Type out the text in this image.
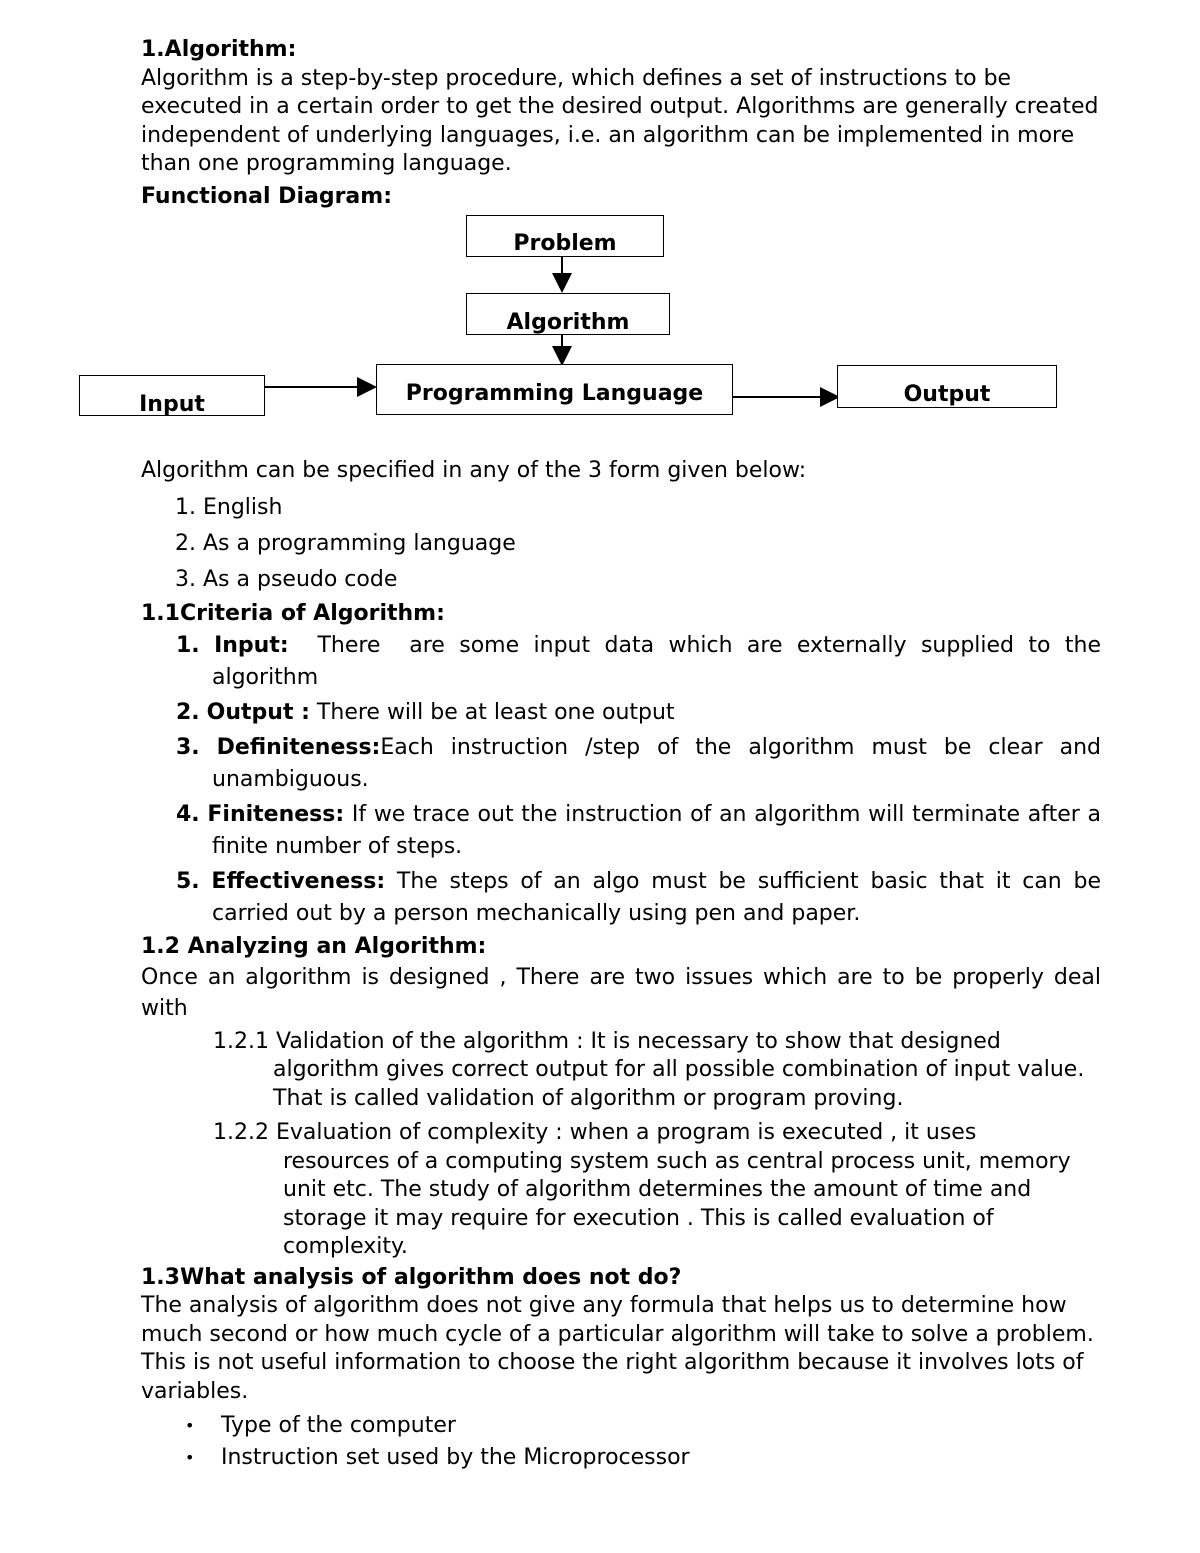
Problem
Algorithm
Input	Programming Language	Output

1.Algorithm:

Algorithm is a step-by-step procedure, which defines a set of instructions to be executed in a certain order to get the desired output. Algorithms are generally created independent of underlying languages, i.e. an algorithm can be implemented in more than one programming language.

Functional Diagram:

Algorithm can be specified in any of the 3 form given below:

1. English
2. As a programming language
3. As a pseudo code

1.1Criteria of Algorithm:

1. Input:  There  are some input data which are externally supplied to the algorithm
2. Output : There will be at least one output
3. Definiteness:Each instruction /step of the algorithm must be clear and unambiguous.
4. Finiteness: If we trace out the instruction of an algorithm will terminate after a finite number of steps.
5. Effectiveness: The steps of an algo must be sufficient basic that it can be carried out by a person mechanically using pen and paper.

1.2 Analyzing an Algorithm:

Once an algorithm is designed , There are two issues which are to be properly deal with

1.2.1 Validation of the algorithm : It is necessary to show that designed
algorithm gives correct output for all possible combination of input value. That is called validation of algorithm or program proving.

1.2.2 Evaluation of complexity : when a program is executed , it uses
resources of a computing system such as central process unit, memory unit etc. The study of algorithm determines the amount of time and storage it may require for execution . This is called evaluation of complexity.

1.3What analysis of algorithm does not do?

The analysis of algorithm does not give any formula that helps us to determine how much second or how much cycle of a particular algorithm will take to solve a problem. This is not useful information to choose the right algorithm because it involves lots of variables.

• Type of the computer
• Instruction set used by the Microprocessor
